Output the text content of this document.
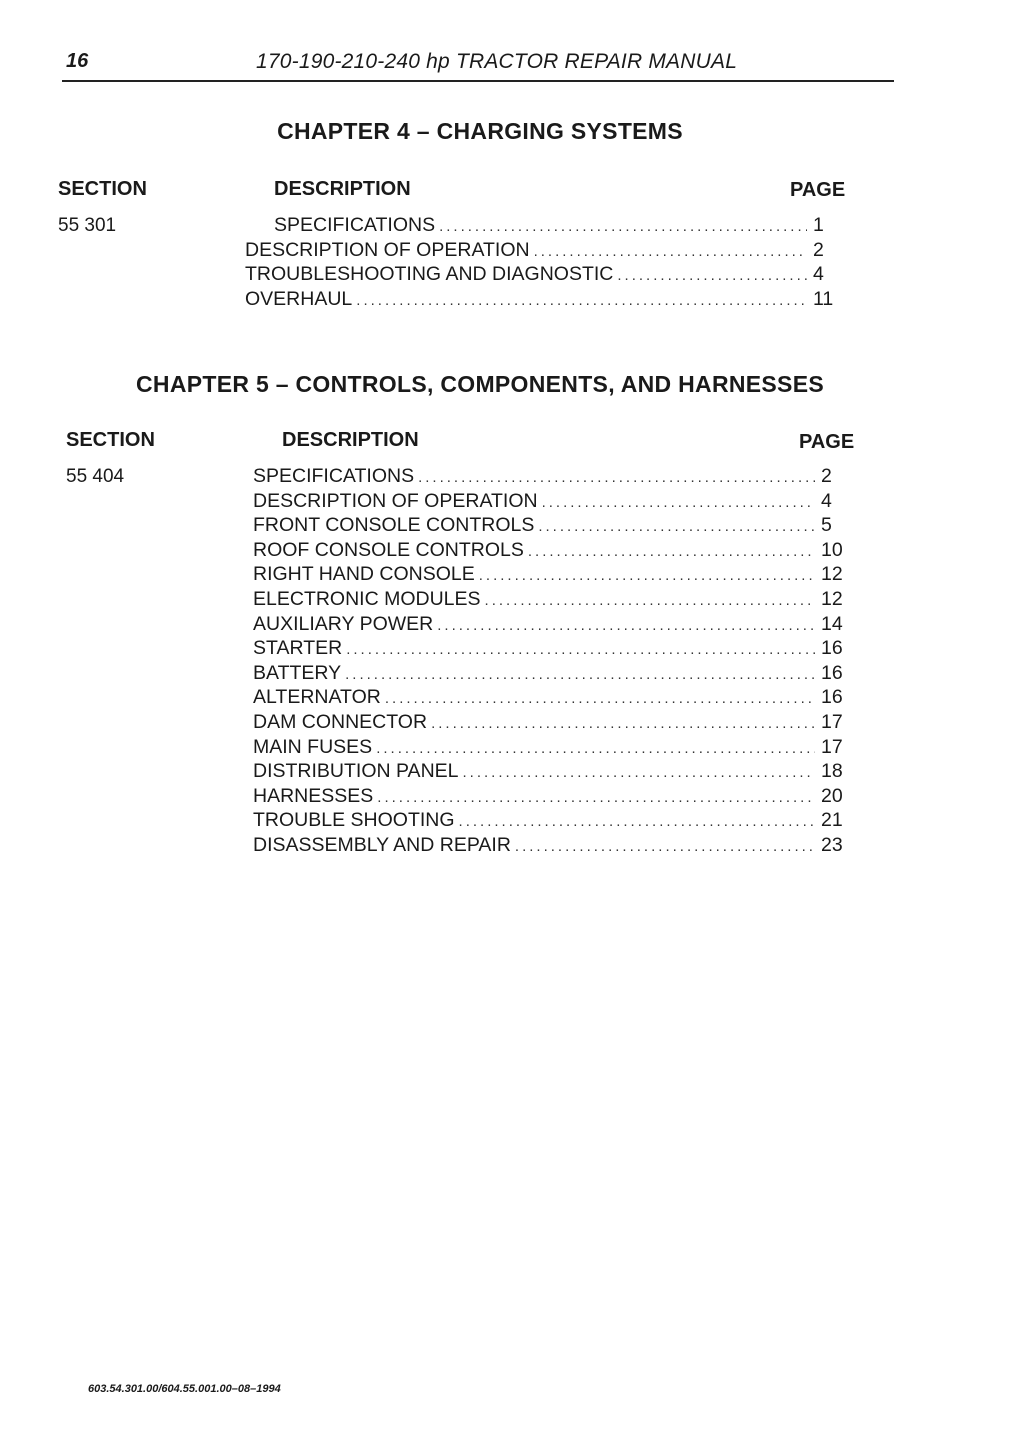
16	170-190-210-240 hp TRACTOR REPAIR MANUAL
CHAPTER 4 – CHARGING SYSTEMS
SECTION	DESCRIPTION	PAGE
55 301	SPECIFICATIONS .....	1
DESCRIPTION OF OPERATION .....	2
TROUBLESHOOTING AND DIAGNOSTIC .....	4
OVERHAUL .....	11
CHAPTER 5 – CONTROLS, COMPONENTS, AND HARNESSES
SECTION	DESCRIPTION	PAGE
55 404	SPECIFICATIONS .....	2
DESCRIPTION OF OPERATION .....	4
FRONT CONSOLE CONTROLS .....	5
ROOF CONSOLE CONTROLS .....	10
RIGHT HAND CONSOLE .....	12
ELECTRONIC MODULES .....	12
AUXILIARY POWER .....	14
STARTER .....	16
BATTERY .....	16
ALTERNATOR .....	16
DAM CONNECTOR .....	17
MAIN FUSES .....	17
DISTRIBUTION PANEL .....	18
HARNESSES .....	20
TROUBLE SHOOTING .....	21
DISASSEMBLY AND REPAIR .....	23
603.54.301.00/604.55.001.00–08–1994
